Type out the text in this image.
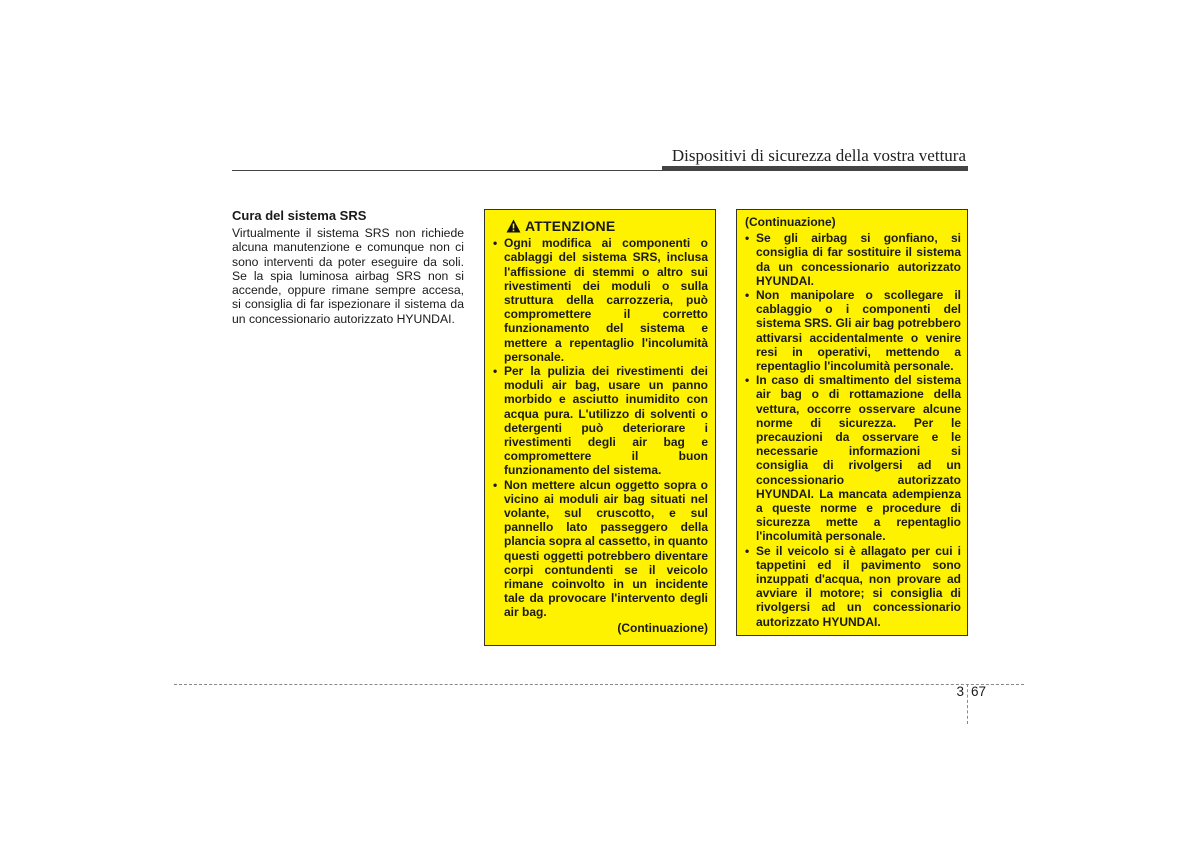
Dispositivi di sicurezza della vostra vettura

Cura del sistema SRS

Virtualmente il sistema SRS non richiede alcuna manutenzione e comunque non ci sono interventi da poter eseguire da soli. Se la spia luminosa airbag SRS non si accende, oppure rimane sempre accesa, si consiglia di far ispezionare il sistema da un concessionario autorizzato HYUNDAI.

ATTENZIONE
• Ogni modifica ai componenti o cablaggi del sistema SRS, inclusa l'affissione di stemmi o altro sui rivestimenti dei moduli o sulla struttura della carrozzeria, può compromettere il corretto funzionamento del sistema e mettere a repentaglio l'incolumità personale.
• Per la pulizia dei rivestimenti dei moduli air bag, usare un panno morbido e asciutto inumidito con acqua pura. L'utilizzo di solventi o detergenti può deteriorare i rivestimenti degli air bag e compromettere il buon funzionamento del sistema.
• Non mettere alcun oggetto sopra o vicino ai moduli air bag situati nel volante, sul cruscotto, e sul pannello lato passeggero della plancia sopra al cassetto, in quanto questi oggetti potrebbero diventare corpi contundenti se il veicolo rimane coinvolto in un incidente tale da provocare l'intervento degli air bag.
(Continuazione)
(Continuazione)
• Se gli airbag si gonfiano, si consiglia di far sostituire il sistema da un concessionario autorizzato HYUNDAI.
• Non manipolare o scollegare il cablaggio o i componenti del sistema SRS. Gli air bag potrebbero attivarsi accidentalmente o venire resi in operativi, mettendo a repentaglio l'incolumità personale.
• In caso di smaltimento del sistema air bag o di rottamazione della vettura, occorre osservare alcune norme di sicurezza. Per le precauzioni da osservare e le necessarie informazioni si consiglia di rivolgersi ad un concessionario autorizzato HYUNDAI. La mancata adempienza a queste norme e procedure di sicurezza mette a repentaglio l'incolumità personale.
• Se il veicolo si è allagato per cui i tappetini ed il pavimento sono inzuppati d'acqua, non provare ad avviare il motore; si consiglia di rivolgersi ad un concessionario autorizzato HYUNDAI.
3 67
